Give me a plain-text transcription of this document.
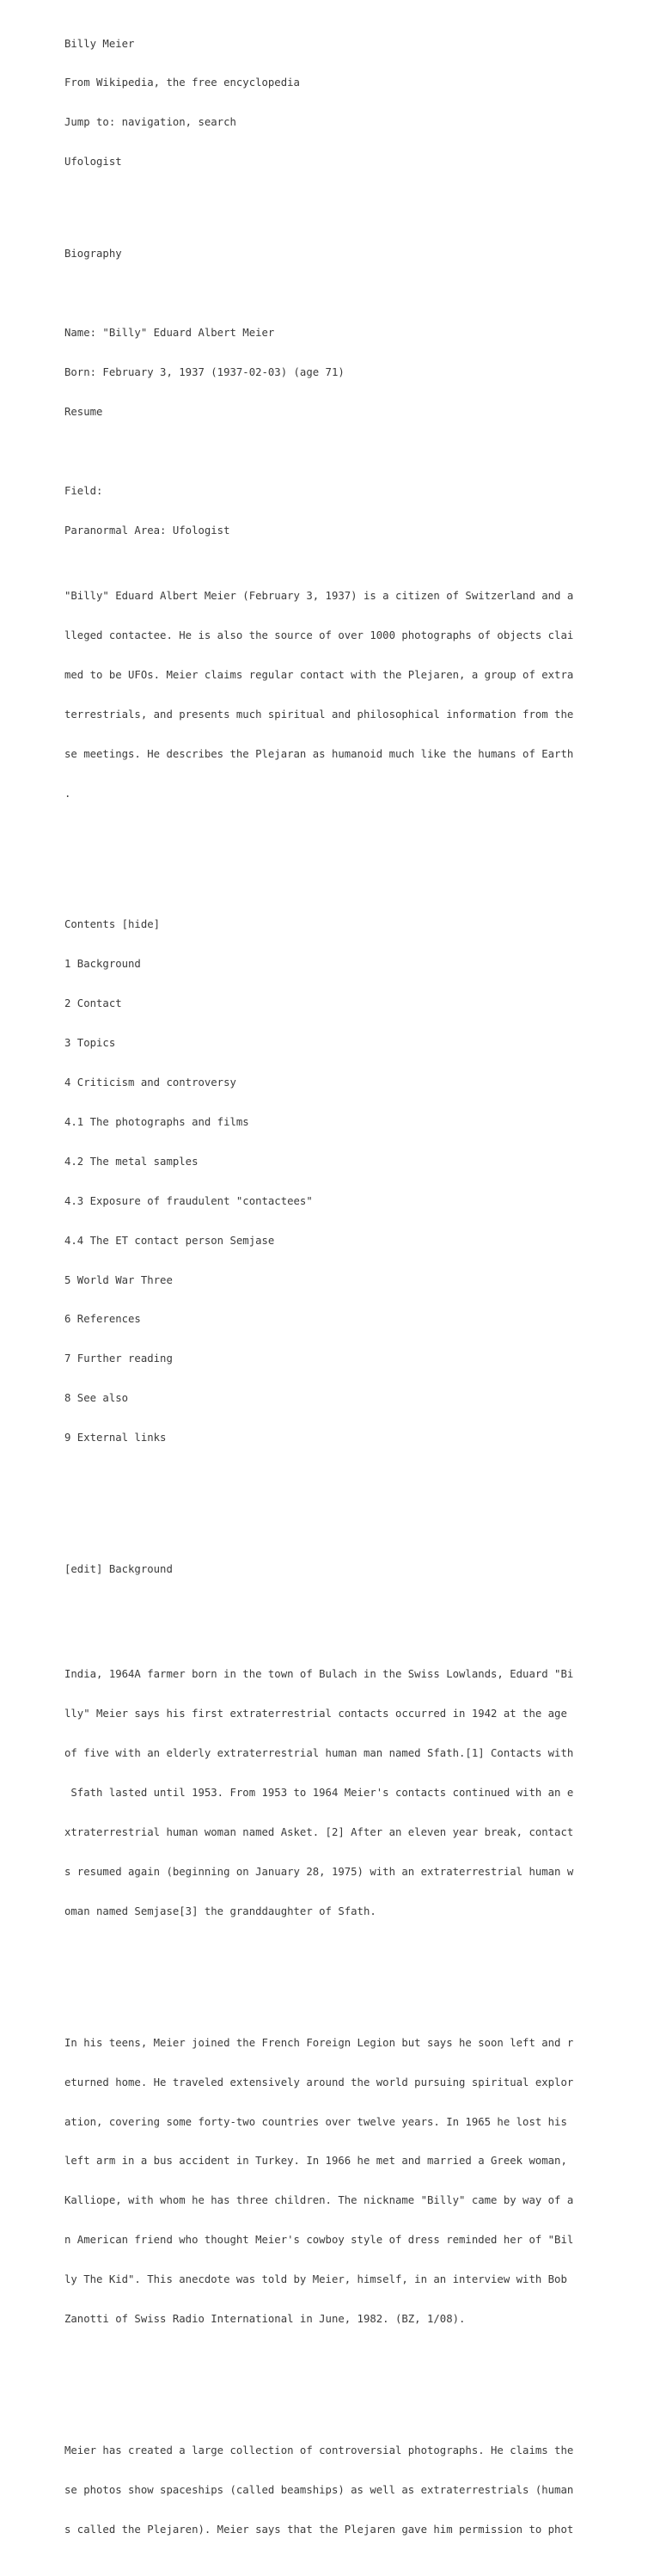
Billy Meier

From Wikipedia, the free encyclopedia

Jump to: navigation, search

Ufologist

Biography

Name: "Billy" Eduard Albert Meier

Born: February 3, 1937 (1937-02-03) (age 71)

Resume

Field:

Paranormal Area: Ufologist

"Billy" Eduard Albert Meier (February 3, 1937) is a citizen of Switzerland and a

lleged contactee. He is also the source of over 1000 photographs of objects clai

med to be UFOs. Meier claims regular contact with the Plejaren, a group of extra

terrestrials, and presents much spiritual and philosophical information from the

se meetings. He describes the Plejaran as humanoid much like the humans of Earth

.

Contents [hide]

1 Background

2 Contact

3 Topics

4 Criticism and controversy

4.1 The photographs and films

4.2 The metal samples

4.3 Exposure of fraudulent "contactees"

4.4 The ET contact person Semjase

5 World War Three

6 References

7 Further reading

8 See also

9 External links

[edit] Background

India, 1964A farmer born in the town of Bulach in the Swiss Lowlands, Eduard "Bi

lly" Meier says his first extraterrestrial contacts occurred in 1942 at the age

of five with an elderly extraterrestrial human man named Sfath.[1] Contacts with

Sfath lasted until 1953. From 1953 to 1964 Meier's contacts continued with an e

xtraterrestrial human woman named Asket. [2] After an eleven year break, contact

s resumed again (beginning on January 28, 1975) with an extraterrestrial human w

oman named Semjase[3] the granddaughter of Sfath.

In his teens, Meier joined the French Foreign Legion but says he soon left and r

eturned home. He traveled extensively around the world pursuing spiritual explor

ation, covering some forty-two countries over twelve years. In 1965 he lost his

left arm in a bus accident in Turkey. In 1966 he met and married a Greek woman,

Kalliope, with whom he has three children. The nickname "Billy" came by way of a

n American friend who thought Meier's cowboy style of dress reminded her of "Bil

ly The Kid". This anecdote was told by Meier, himself, in an interview with Bob

Zanotti of Swiss Radio International in June, 1982. (BZ, 1/08).

Meier has created a large collection of controversial photographs. He claims the

se photos show spaceships (called beamships) as well as extraterrestrials (human

s called the Plejaren). Meier says that the Plejaren gave him permission to phot
